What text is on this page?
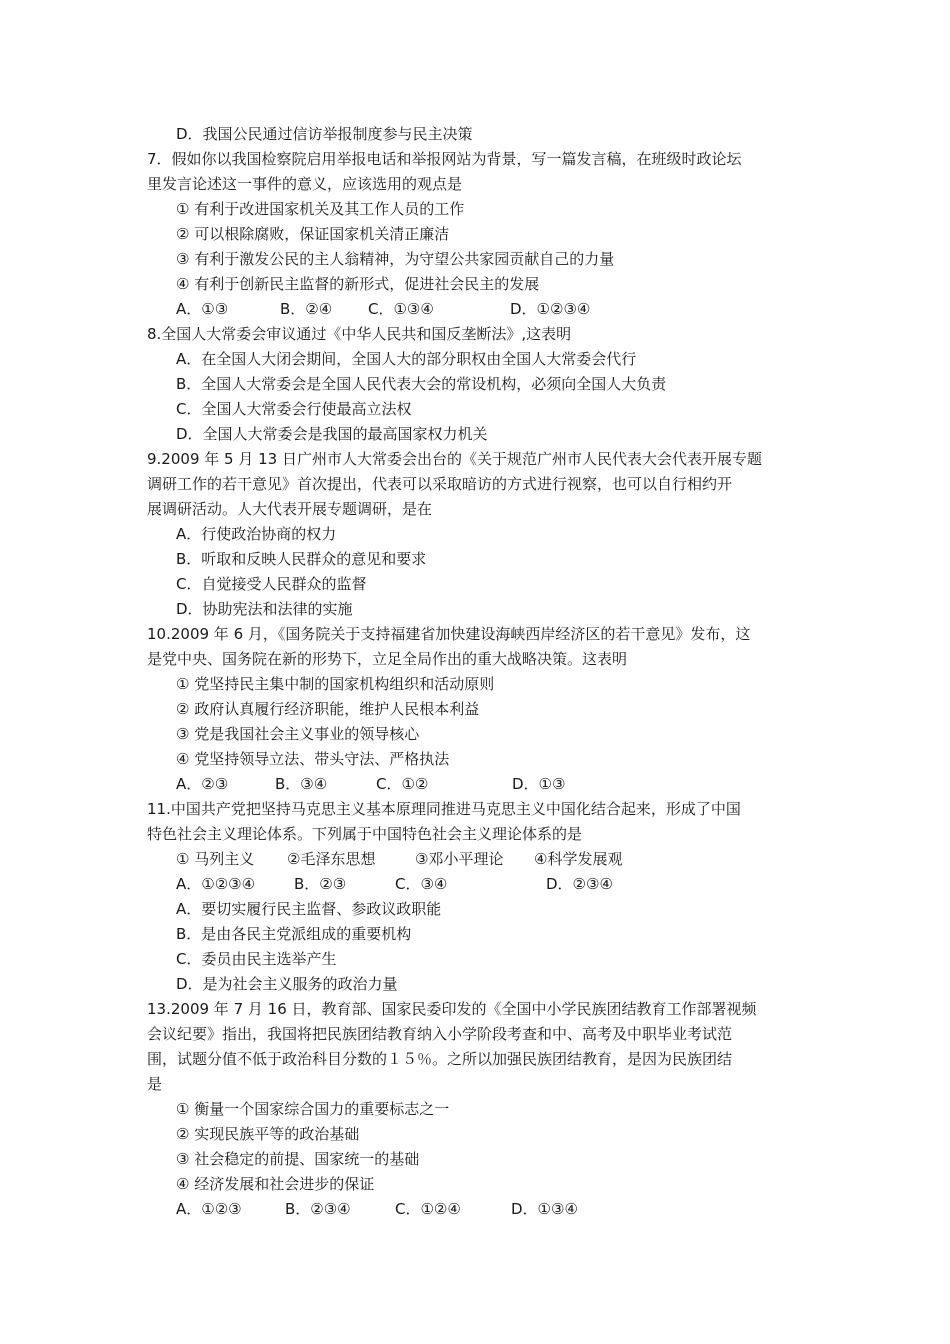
D．我国公民通过信访举报制度参与民主决策
7．假如你以我国检察院启用举报电话和举报网站为背景，写一篇发言稿，在班级时政论坛
里发言论述这一事件的意义，应该选用的观点是
① 有利于改进国家机关及其工作人员的工作
② 可以根除腐败，保证国家机关清正廉洁
③ 有利于激发公民的主人翁精神，为守望公共家园贡献自己的力量
④ 有利于创新民主监督的新形式，促进社会民主的发展
A．①③	B．②④ C．①③④	D．①②③④
8.全国人大常委会审议通过《中华人民共和国反垄断法》,这表明
A．在全国人大闭会期间，全国人大的部分职权由全国人大常委会代行
B．全国人大常委会是全国人民代表大会的常设机构，必须向全国人大负责
C．全国人大常委会行使最高立法权
D．全国人大常委会是我国的最高国家权力机关
9.2009 年 5 月 13 日广州市人大常委会出台的《关于规范广州市人民代表大会代表开展专题
调研工作的若干意见》首次提出，代表可以采取暗访的方式进行视察，也可以自行相约开
展调研活动。人大代表开展专题调研，是在
A．行使政治协商的权力
B．听取和反映人民群众的意见和要求
C．自觉接受人民群众的监督
D．协助宪法和法律的实施
10.2009 年 6 月，《国务院关于支持福建省加快建设海峡西岸经济区的若干意见》发布，这
是党中央、国务院在新的形势下，立足全局作出的重大战略决策。这表明
① 党坚持民主集中制的国家机构组织和活动原则
② 政府认真履行经济职能，维护人民根本利益
③ 党是我国社会主义事业的领导核心
④ 党坚持领导立法、带头守法、严格执法
A．②③	B．③④	C．①②	D．①③
11.中国共产党把坚持马克思主义基本原理同推进马克思主义中国化结合起来，形成了中国
特色社会主义理论体系。下列属于中国特色社会主义理论体系的是
① 马列主义 ②毛泽东思想	③邓小平理论 ④科学发展观
A．①②③④	B．②③	C．③④	D．②③④
A．要切实履行民主监督、参政议政职能
B．是由各民主党派组成的重要机构
C．委员由民主选举产生
D．是为社会主义服务的政治力量
13.2009 年 7 月 16 日，教育部、国家民委印发的《全国中小学民族团结教育工作部署视频
会议纪要》指出，我国将把民族团结教育纳入小学阶段考查和中、高考及中职毕业考试范
围，试题分值不低于政治科目分数的１５％。之所以加强民族团结教育，是因为民族团结
是
① 衡量一个国家综合国力的重要标志之一
② 实现民族平等的政治基础
③ 社会稳定的前提、国家统一的基础
④ 经济发展和社会进步的保证
A．①②③	B．②③④	C．①②④	D．①③④
